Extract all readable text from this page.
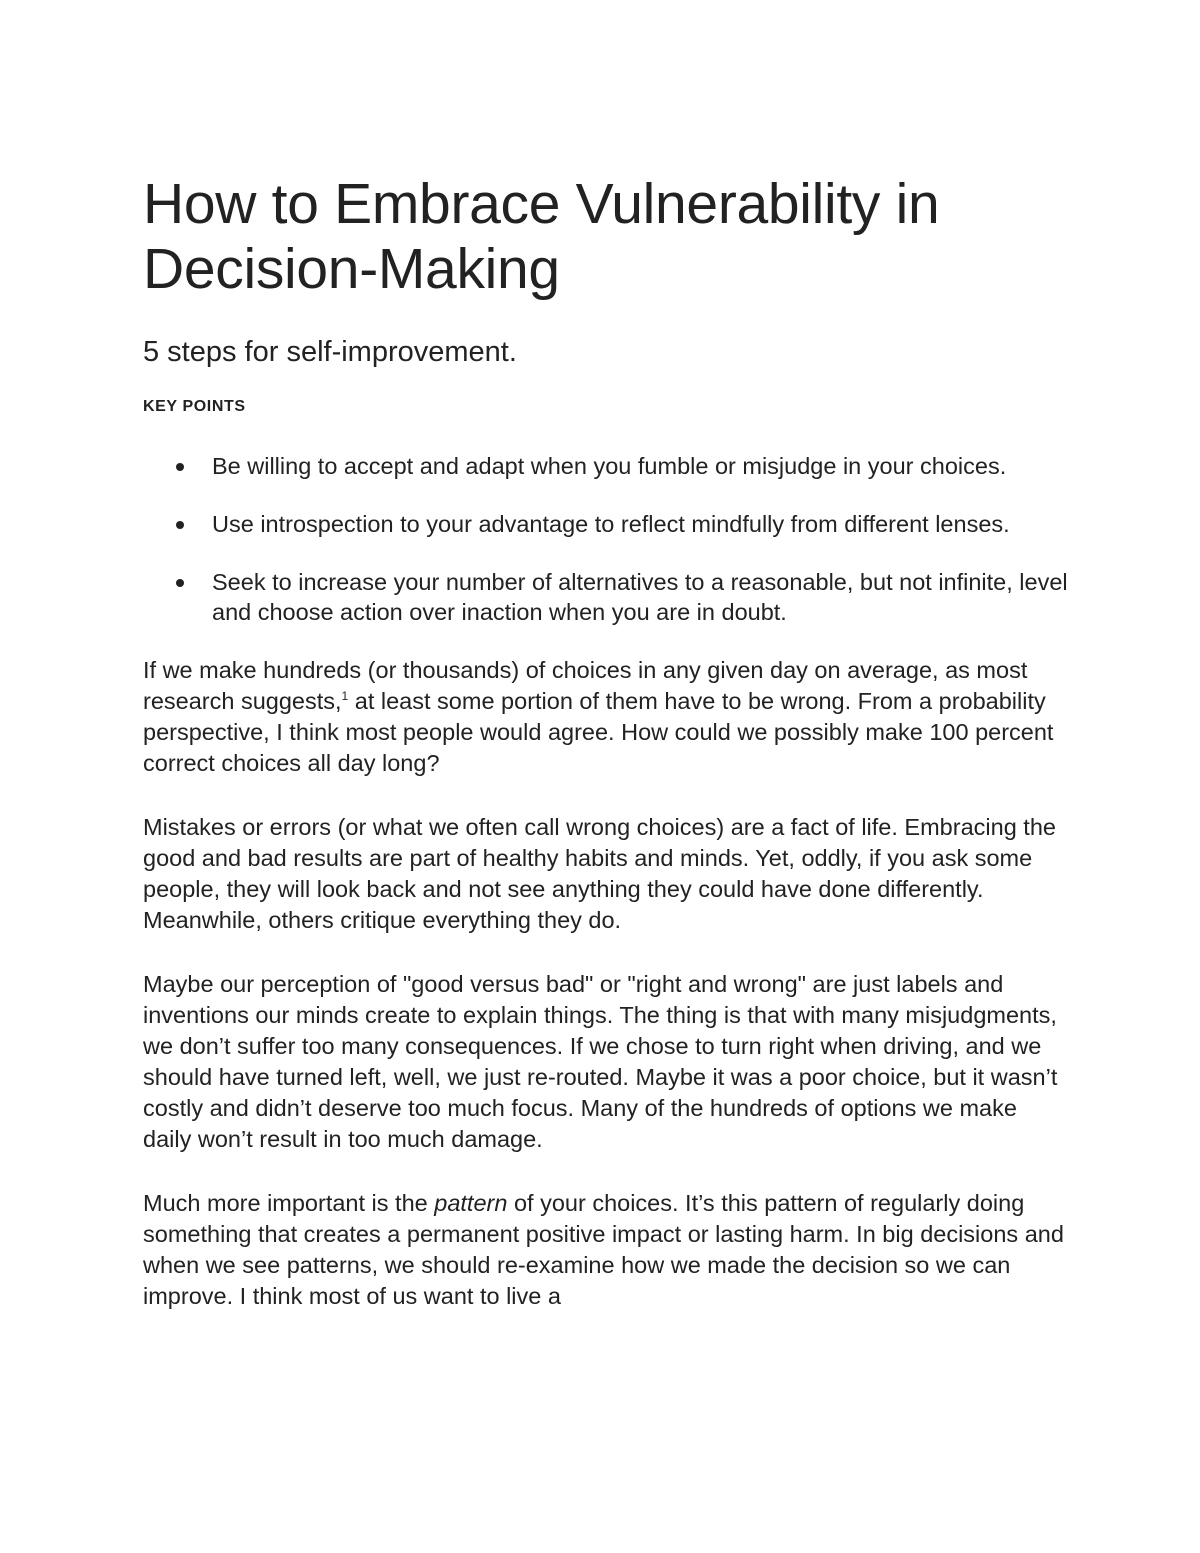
How to Embrace Vulnerability in Decision-Making

5 steps for self-improvement.

KEY POINTS

Be willing to accept and adapt when you fumble or misjudge in your choices.
Use introspection to your advantage to reflect mindfully from different lenses.
Seek to increase your number of alternatives to a reasonable, but not infinite, level and choose action over inaction when you are in doubt.

If we make hundreds (or thousands) of choices in any given day on average, as most research suggests,$^1$ at least some portion of them have to be wrong. From a probability perspective, I think most people would agree. How could we possibly make 100 percent correct choices all day long?

Mistakes or errors (or what we often call wrong choices) are a fact of life. Embracing the good and bad results are part of healthy habits and minds. Yet, oddly, if you ask some people, they will look back and not see anything they could have done differently. Meanwhile, others critique everything they do.

Maybe our perception of "good versus bad" or "right and wrong" are just labels and inventions our minds create to explain things. The thing is that with many misjudgments, we don’t suffer too many consequences. If we chose to turn right when driving, and we should have turned left, well, we just re-routed. Maybe it was a poor choice, but it wasn’t costly and didn’t deserve too much focus. Many of the hundreds of options we make daily won’t result in too much damage.

Much more important is the pattern of your choices. It’s this pattern of regularly doing something that creates a permanent positive impact or lasting harm. In big decisions and when we see patterns, we should re-examine how we made the decision so we can improve. I think most of us want to live a
